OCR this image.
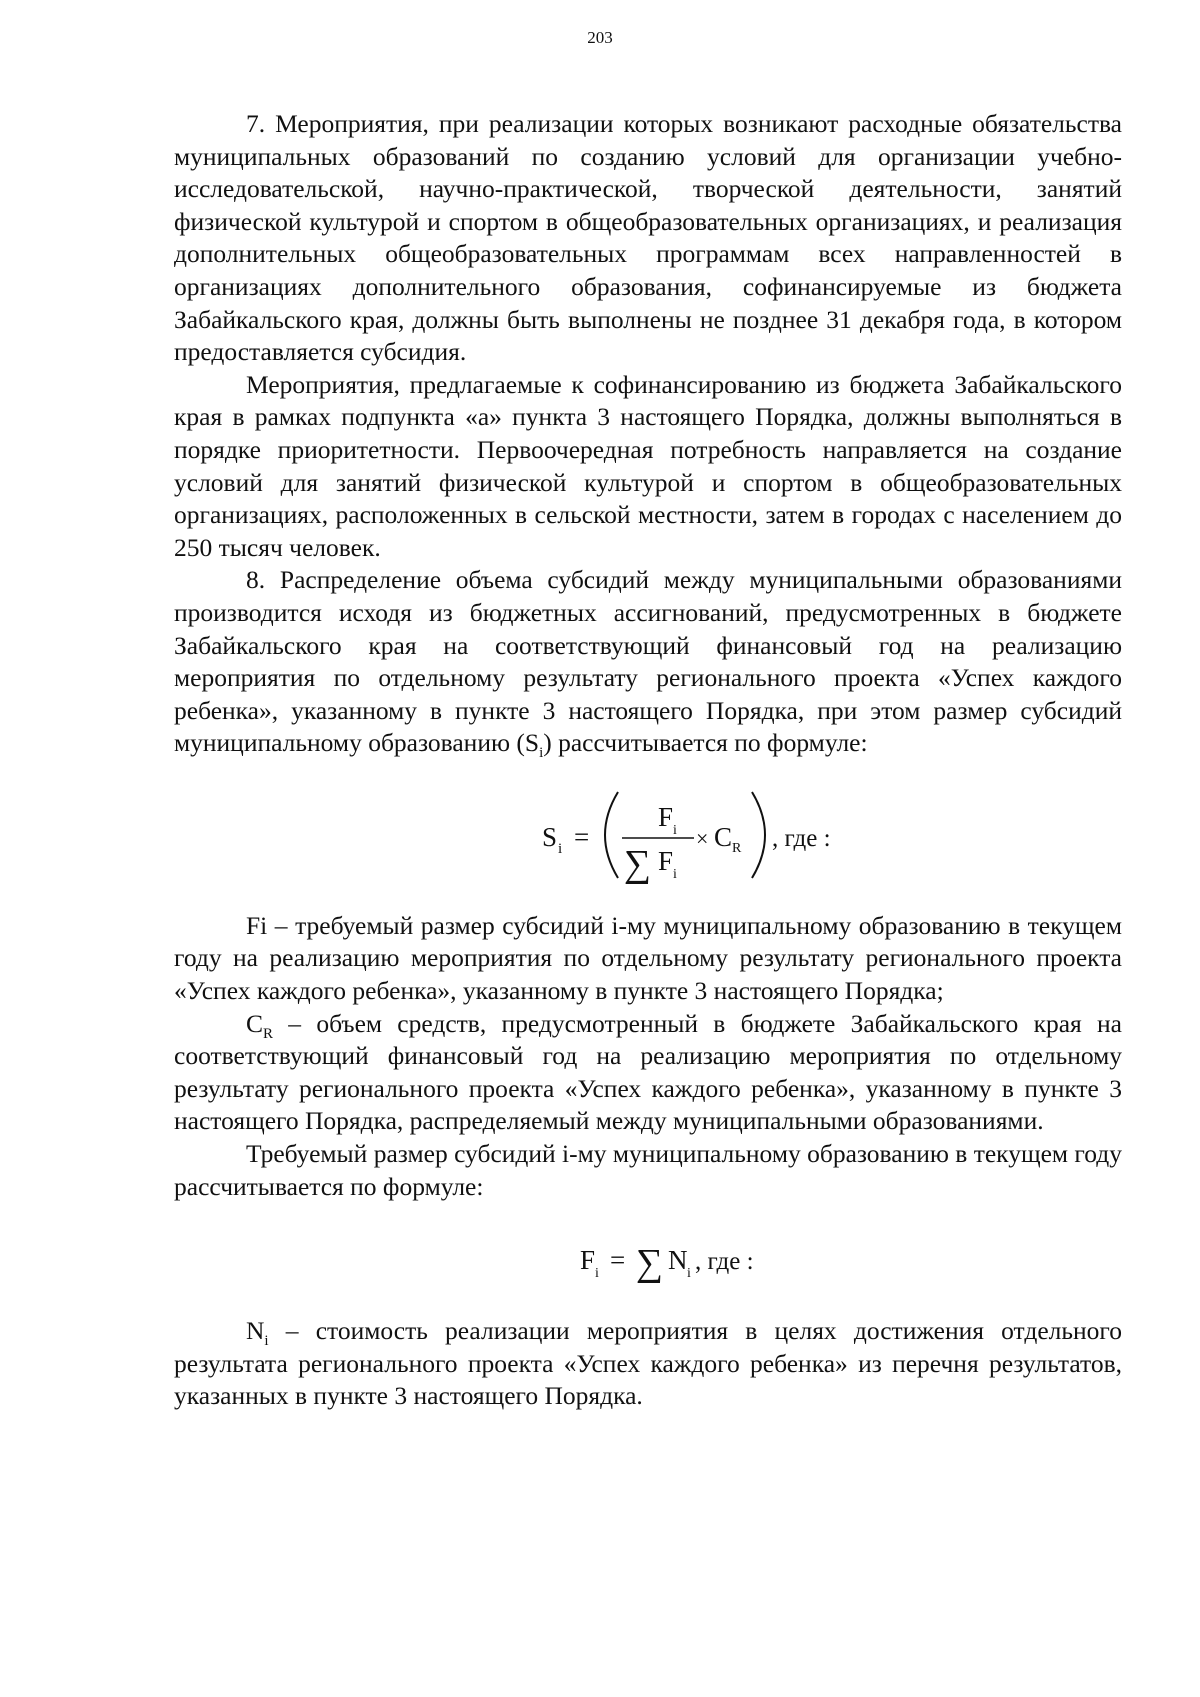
203

7. Мероприятия, при реализации которых возникают расходные обязательства муниципальных образований по созданию условий для организации учебно-исследовательской, научно-практической, творческой деятельности, занятий физической культурой и спортом в общеобразовательных организациях, и реализация дополнительных общеобразовательных программам всех направленностей в организациях дополнительного образования, софинансируемые из бюджета Забайкальского края, должны быть выполнены не позднее 31 декабря года, в котором предоставляется субсидия.

Мероприятия, предлагаемые к софинансированию из бюджета Забайкальского края в рамках подпункта «а» пункта 3 настоящего Порядка, должны выполняться в порядке приоритетности. Первоочередная потребность направляется на создание условий для занятий физической культурой и спортом в общеобразовательных организациях, расположенных в сельской местности, затем в городах с населением до 250 тысяч человек.

8. Распределение объема субсидий между муниципальными образованиями производится исходя из бюджетных ассигнований, предусмотренных в бюджете Забайкальского края на соответствующий финансовый год на реализацию мероприятия по отдельному результату регионального проекта «Успех каждого ребенка», указанному в пункте 3 настоящего Порядка, при этом размер субсидий муниципальному образованию $(S_i)$ рассчитывается по формуле:

S i =
F i
∑ F i
× C R , где :

Fi – требуемый размер субсидий i-му муниципальному образованию в текущем году на реализацию мероприятия по отдельному результату регионального проекта «Успех каждого ребенка», указанному в пункте 3 настоящего Порядка;

$C_R$ – объем средств, предусмотренный в бюджете Забайкальского края на соответствующий финансовый год на реализацию мероприятия по отдельному результату регионального проекта «Успех каждого ребенка», указанному в пункте 3 настоящего Порядка, распределяемый между муниципальными образованиями.

Требуемый размер субсидий i-му муниципальному образованию в текущем году рассчитывается по формуле:

F i = ∑ N i , где :

$N_i$ – стоимость реализации мероприятия в целях достижения отдельного результата регионального проекта «Успех каждого ребенка» из перечня результатов, указанных в пункте 3 настоящего Порядка.
